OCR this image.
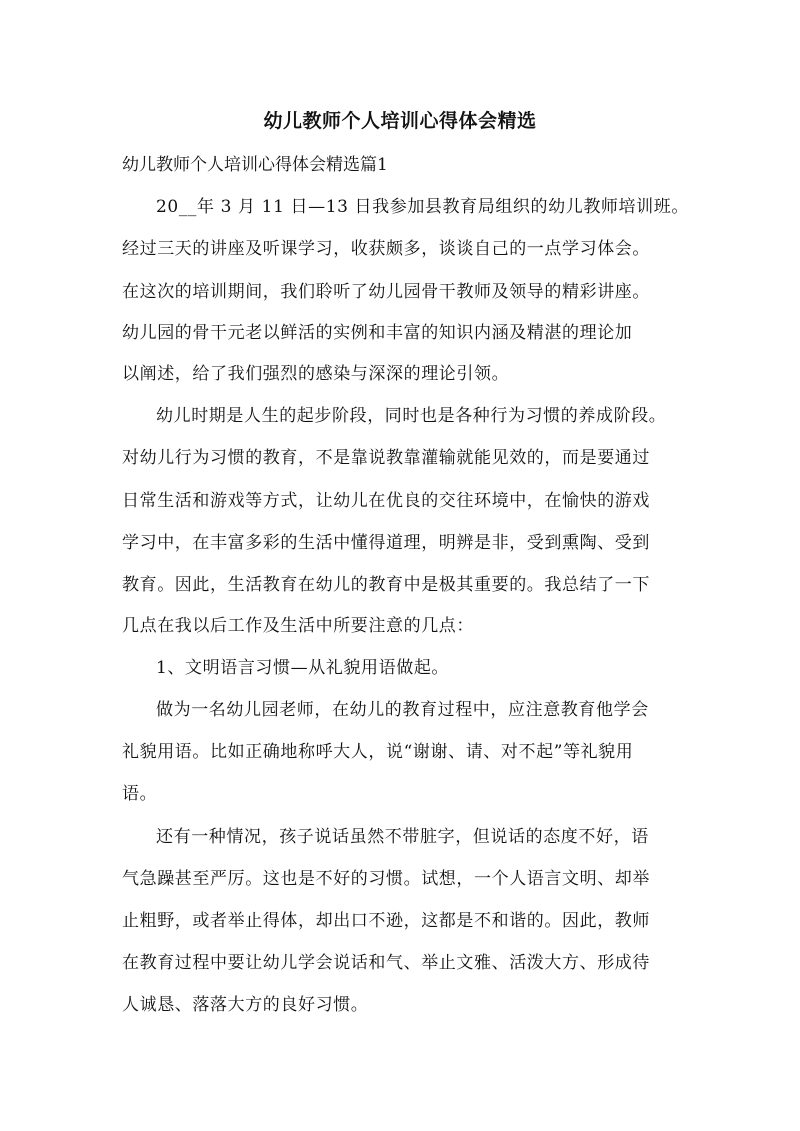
幼儿教师个人培训心得体会精选
幼儿教师个人培训心得体会精选篇1
20__年 3 月 11 日—13 日我参加县教育局组织的幼儿教师培训班。
经过三天的讲座及听课学习，收获颇多，谈谈自己的一点学习体会。
在这次的培训期间，我们聆听了幼儿园骨干教师及领导的精彩讲座。
幼儿园的骨干元老以鲜活的实例和丰富的知识内涵及精湛的理论加
以阐述，给了我们强烈的感染与深深的理论引领。
幼儿时期是人生的起步阶段，同时也是各种行为习惯的养成阶段。
对幼儿行为习惯的教育，不是靠说教靠灌输就能见效的，而是要通过
日常生活和游戏等方式，让幼儿在优良的交往环境中，在愉快的游戏
学习中，在丰富多彩的生活中懂得道理，明辨是非，受到熏陶、受到
教育。因此，生活教育在幼儿的教育中是极其重要的。我总结了一下
几点在我以后工作及生活中所要注意的几点：
1、文明语言习惯—从礼貌用语做起。
做为一名幼儿园老师，在幼儿的教育过程中，应注意教育他学会
礼貌用语。比如正确地称呼大人，说“谢谢、请、对不起”等礼貌用
语。
还有一种情况，孩子说话虽然不带脏字，但说话的态度不好，语
气急躁甚至严厉。这也是不好的习惯。试想，一个人语言文明、却举
止粗野，或者举止得体，却出口不逊，这都是不和谐的。因此，教师
在教育过程中要让幼儿学会说话和气、举止文雅、活泼大方、形成待
人诚恳、落落大方的良好习惯。
